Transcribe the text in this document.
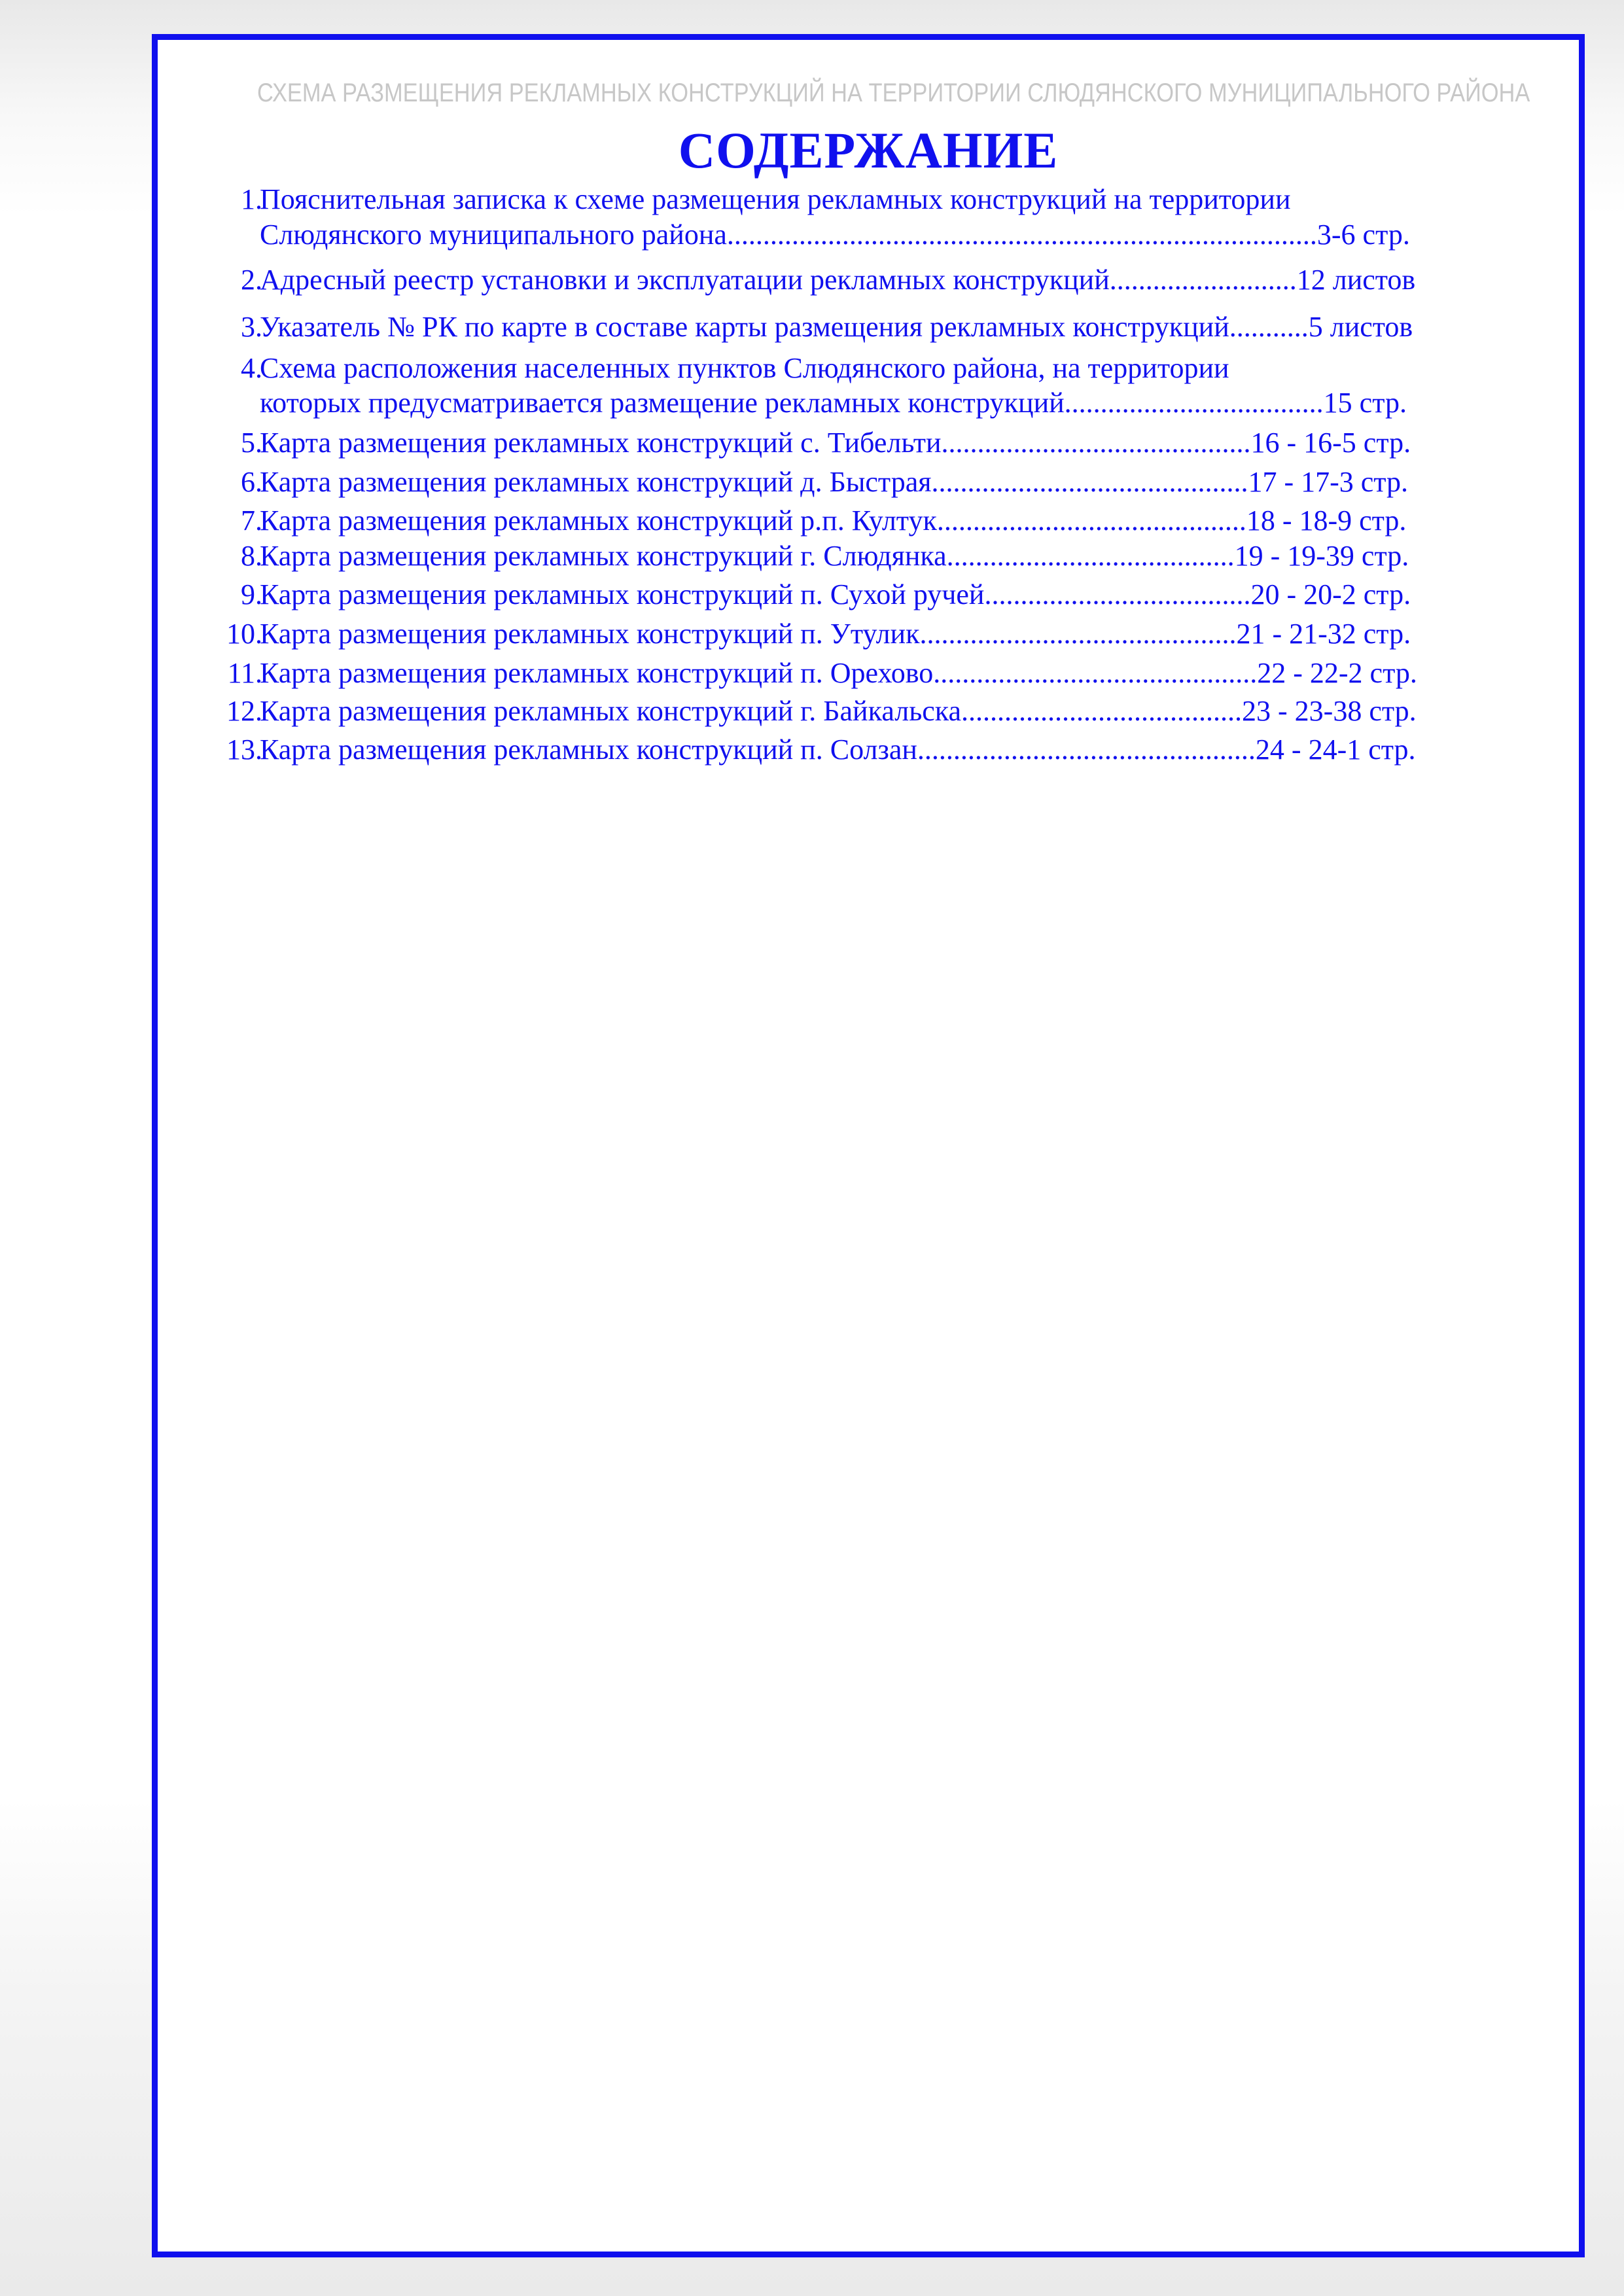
СХЕМА РАЗМЕЩЕНИЯ РЕКЛАМНЫХ КОНСТРУКЦИЙ НА ТЕРРИТОРИИ СЛЮДЯНСКОГО МУНИЦИПАЛЬНОГО РАЙОНА
СОДЕРЖАНИЕ
1.
Пояснительная записка к схеме размещения рекламных конструкций на территории
Слюдянского муниципального района..................................................................................3-6 стр.
2.
Адресный реестр установки и эксплуатации рекламных конструкций..........................12 листов
3.
Указатель № РК по карте в составе карты размещения рекламных конструкций...........5 листов
4.
Схема расположения населенных пунктов Слюдянского района, на территории
которых предусматривается размещение рекламных конструкций....................................15 стр.
5.
Карта размещения рекламных конструкций с. Тибельти...........................................16 - 16-5 стр.
6.
Карта размещения рекламных конструкций д. Быстрая............................................17 - 17-3 стр.
7.
Карта размещения рекламных конструкций р.п. Култук...........................................18 - 18-9 стр.
8.
Карта размещения рекламных конструкций г. Слюдянка........................................19 - 19-39 стр.
9.
Карта размещения рекламных конструкций п. Сухой ручей.....................................20 - 20-2 стр.
10.
Карта размещения рекламных конструкций п. Утулик............................................21 - 21-32 стр.
11.
Карта размещения рекламных конструкций п. Орехово.............................................22 - 22-2 стр.
12.
Карта размещения рекламных конструкций г. Байкальска.......................................23 - 23-38 стр.
13.
Карта размещения рекламных конструкций п. Солзан...............................................24 - 24-1 стр.
